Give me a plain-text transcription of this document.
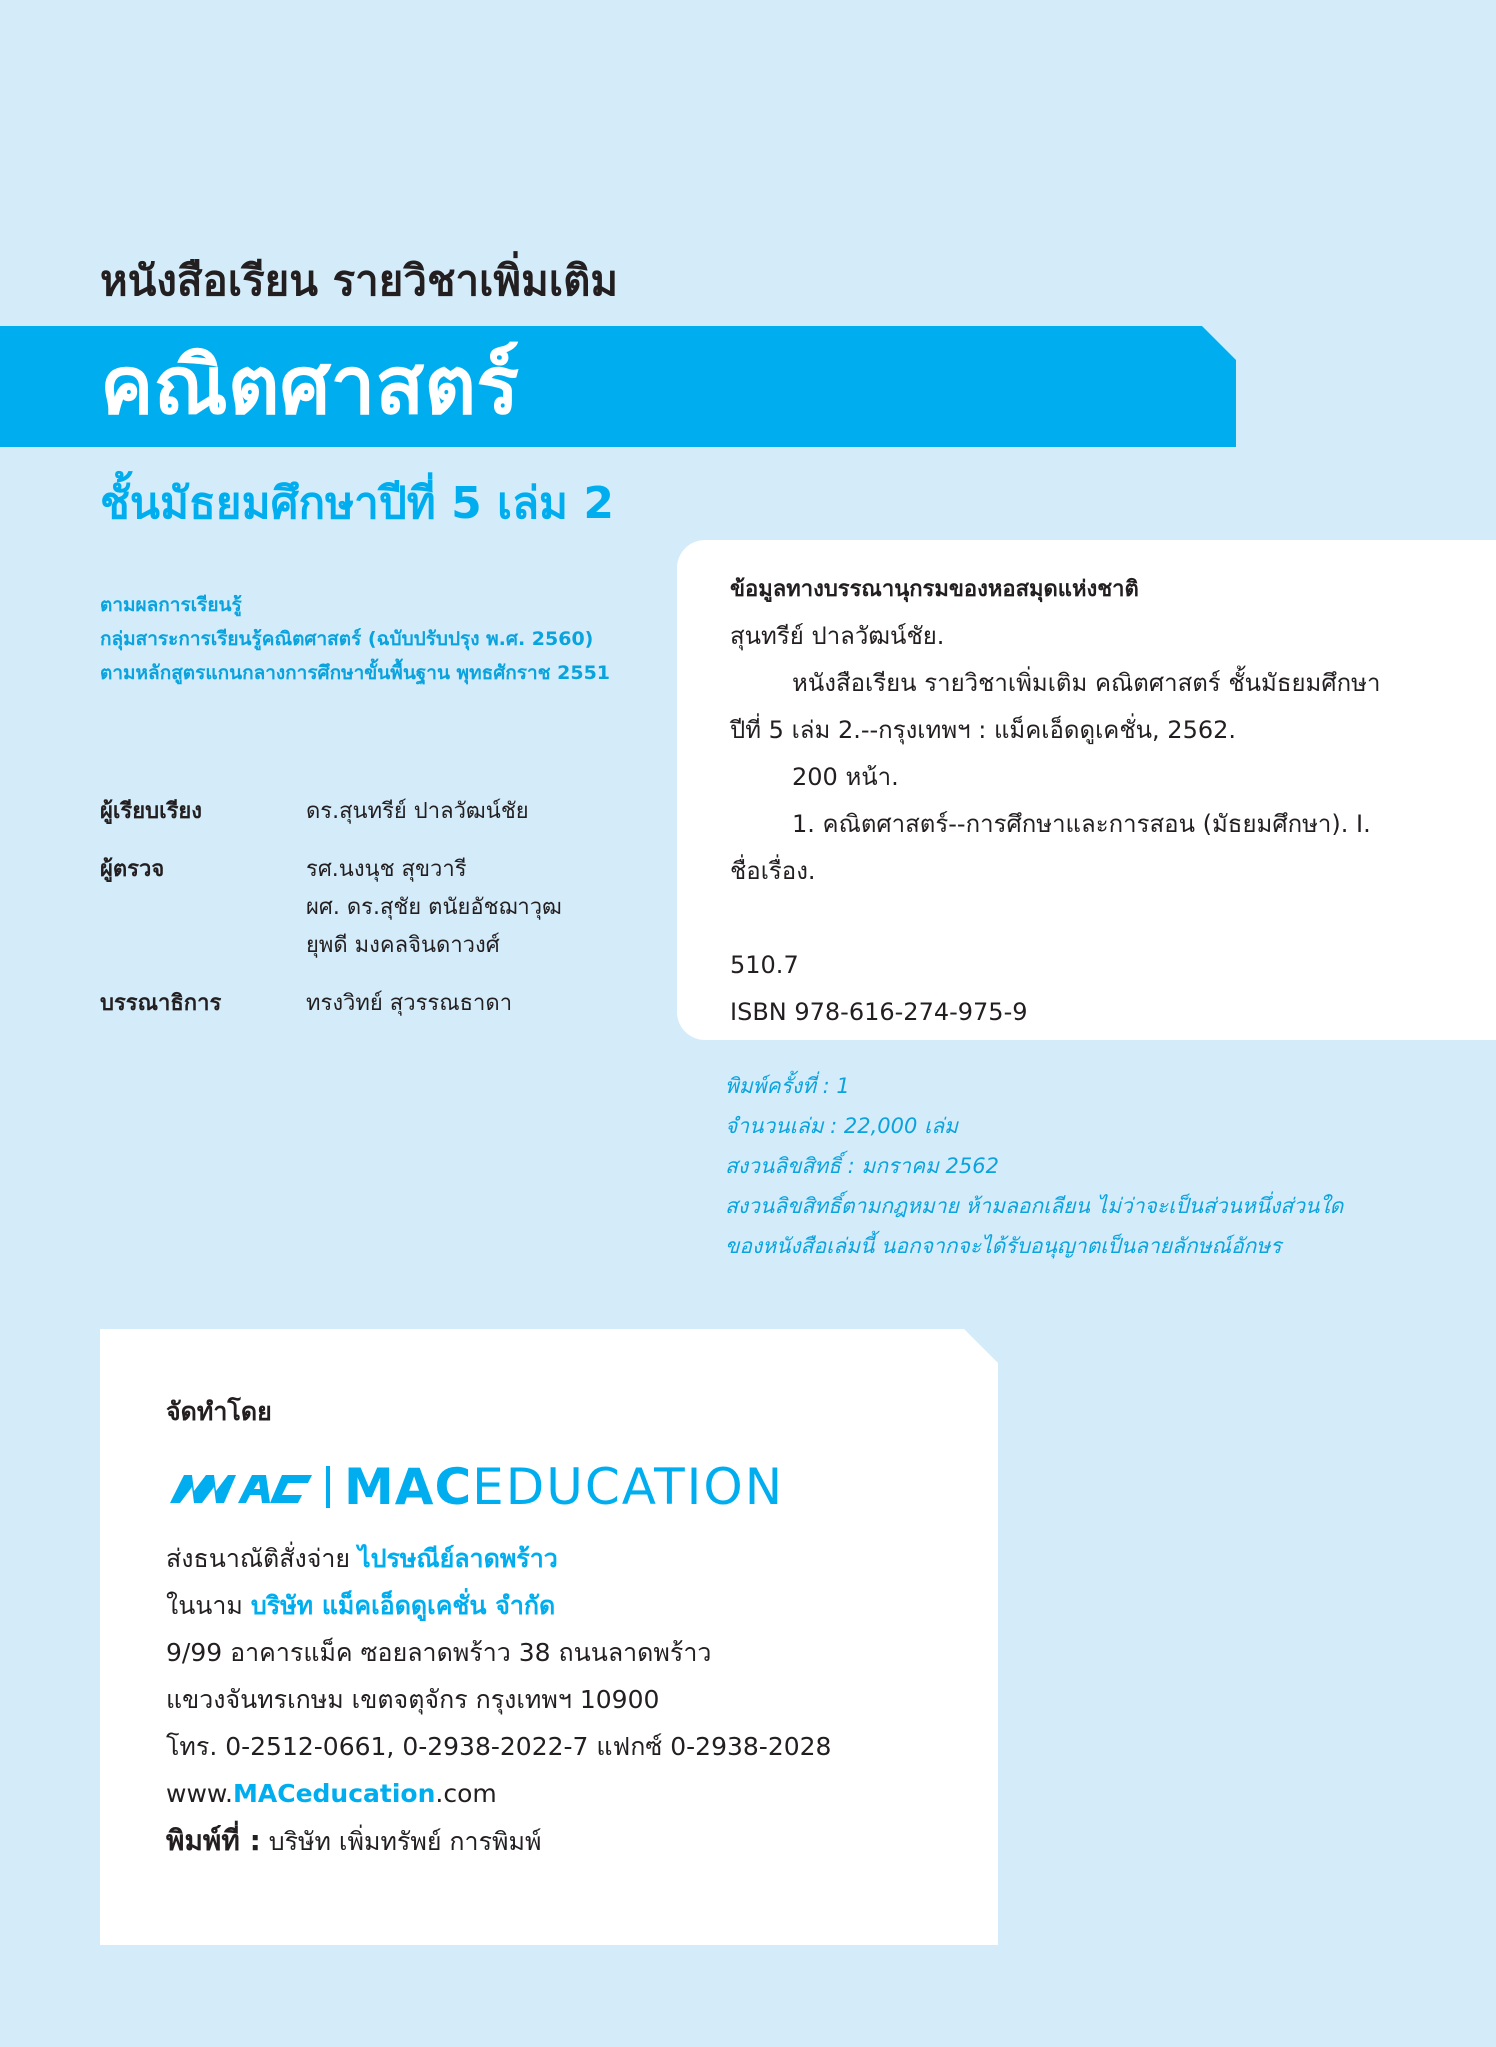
หนังสือเรียน รายวิชาเพิ่มเติม
คณิตศาสตร์
ชั้นมัธยมศึกษาปีที่ 5 เล่ม 2
ตามผลการเรียนรู้
กลุ่มสาระการเรียนรู้คณิตศาสตร์ (ฉบับปรับปรุง พ.ศ. 2560)
ตามหลักสูตรแกนกลางการศึกษาขั้นพื้นฐาน พุทธศักราช 2551
ผู้เรียบเรียง	ดร.สุนทรีย์ ปาลวัฒน์ชัย
ผู้ตรวจ	รศ.นงนุช สุขวารี
ผศ. ดร.สุชัย ตนัยอัชฌาวุฒ
ยุพดี มงคลจินดาวงศ์
บรรณาธิการ	ทรงวิทย์ สุวรรณธาดา
ข้อมูลทางบรรณานุกรมของหอสมุดแห่งชาติ
สุนทรีย์ ปาลวัฒน์ชัย.
หนังสือเรียน รายวิชาเพิ่มเติม คณิตศาสตร์ ชั้นมัธยมศึกษา
ปีที่ 5 เล่ม 2.--กรุงเทพฯ : แม็คเอ็ดดูเคชั่น, 2562.
200 หน้า.
1. คณิตศาสตร์--การศึกษาและการสอน (มัธยมศึกษา). I.
ชื่อเรื่อง.
510.7
ISBN 978-616-274-975-9
พิมพ์ครั้งที่ : 1
จำนวนเล่ม : 22,000 เล่ม
สงวนลิขสิทธิ์ : มกราคม 2562
สงวนลิขสิทธิ์ตามกฎหมาย ห้ามลอกเลียน ไม่ว่าจะเป็นส่วนหนึ่งส่วนใด
ของหนังสือเล่มนี้ นอกจากจะได้รับอนุญาตเป็นลายลักษณ์อักษร
จัดทำโดย
MAC EDUCATION
ส่งธนาณัติสั่งจ่าย ไปรษณีย์ลาดพร้าว
ในนาม บริษัท แม็คเอ็ดดูเคชั่น จำกัด
9/99 อาคารแม็ค ซอยลาดพร้าว 38 ถนนลาดพร้าว
แขวงจันทรเกษม เขตจตุจักร กรุงเทพฯ 10900
โทร. 0-2512-0661, 0-2938-2022-7 แฟกซ์ 0-2938-2028
www.MACeducation.com
พิมพ์ที่ : บริษัท เพิ่มทรัพย์ การพิมพ์
